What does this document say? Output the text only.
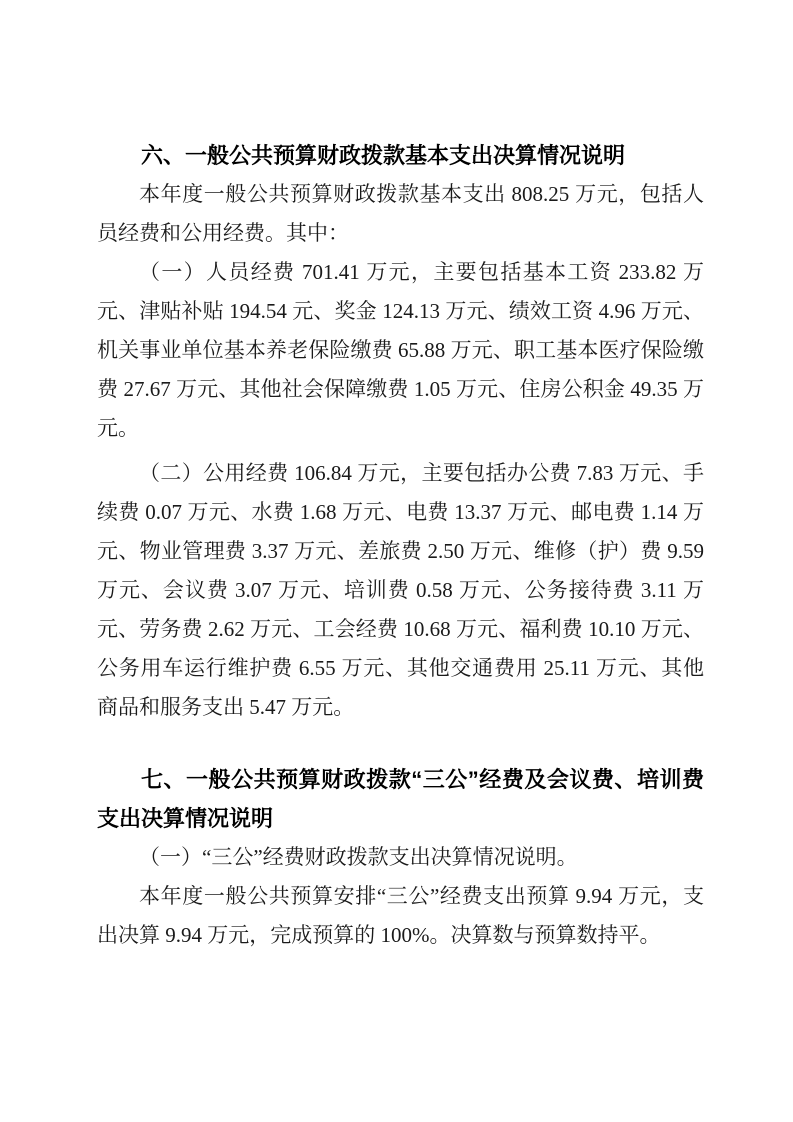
六、一般公共预算财政拨款基本支出决算情况说明

本年度一般公共预算财政拨款基本支出 808.25 万元，包括人员经费和公用经费。其中：

（一）人员经费 701.41 万元，主要包括基本工资 233.82 万元、津贴补贴 194.54 元、奖金 124.13 万元、绩效工资 4.96 万元、机关事业单位基本养老保险缴费 65.88 万元、职工基本医疗保险缴费 27.67 万元、其他社会保障缴费 1.05 万元、住房公积金 49.35 万元。

（二）公用经费 106.84 万元，主要包括办公费 7.83 万元、手续费 0.07 万元、水费 1.68 万元、电费 13.37 万元、邮电费 1.14 万元、物业管理费 3.37 万元、差旅费 2.50 万元、维修（护）费 9.59 万元、会议费 3.07 万元、培训费 0.58 万元、公务接待费 3.11 万元、劳务费 2.62 万元、工会经费 10.68 万元、福利费 10.10 万元、公务用车运行维护费 6.55 万元、其他交通费用 25.11 万元、其他商品和服务支出 5.47 万元。

七、一般公共预算财政拨款“三公”经费及会议费、培训费支出决算情况说明

（一）“三公”经费财政拨款支出决算情况说明。

本年度一般公共预算安排“三公”经费支出预算 9.94 万元，支出决算 9.94 万元，完成预算的 100%。决算数与预算数持平。
